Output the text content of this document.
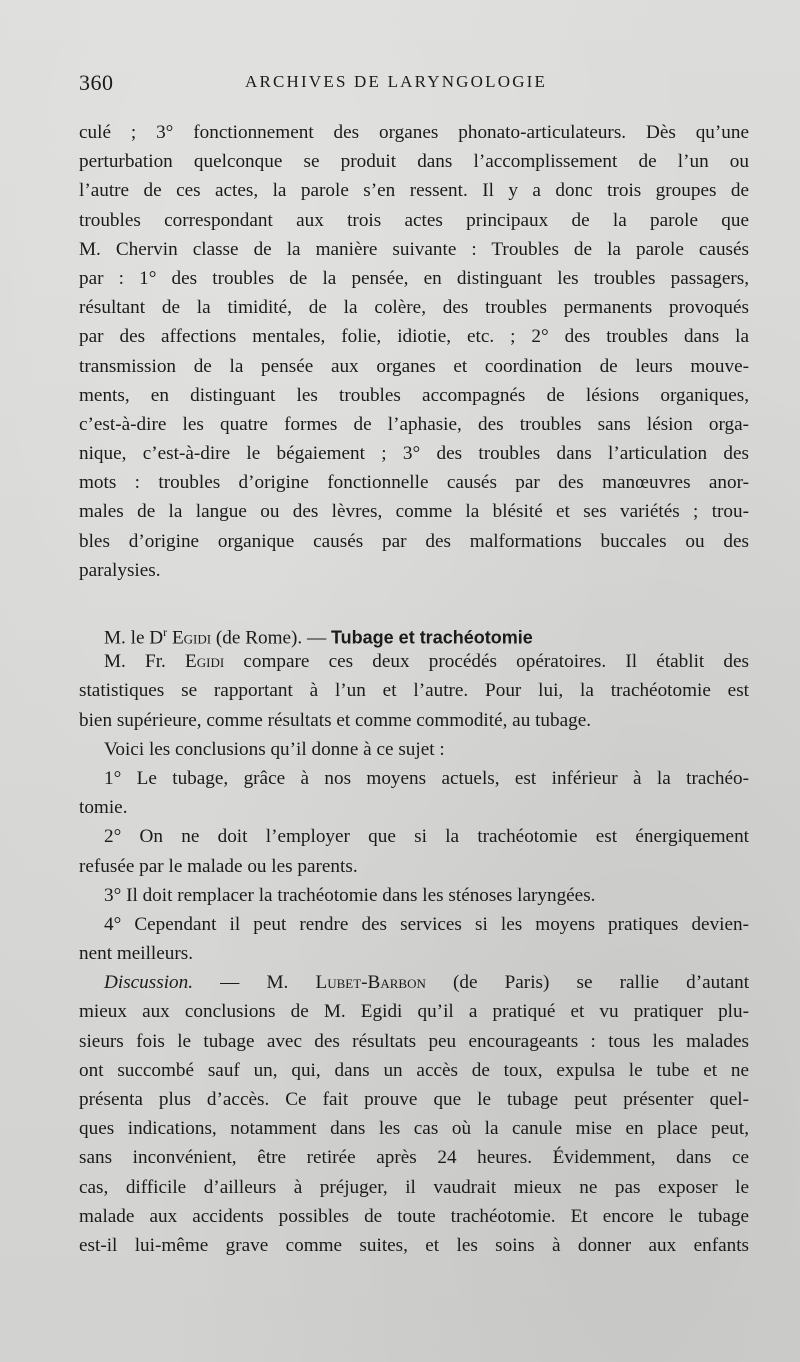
360	ARCHIVES DE LARYNGOLOGIE
culé ; 3° fonctionnement des organes phonato-articulateurs. Dès qu’une
perturbation quelconque se produit dans l’accomplissement de l’un ou
l’autre de ces actes, la parole s’en ressent. Il y a donc trois groupes de
troubles correspondant aux trois actes principaux de la parole que
M. Chervin classe de la manière suivante : Troubles de la parole causés
par : 1° des troubles de la pensée, en distinguant les troubles passagers,
résultant de la timidité, de la colère, des troubles permanents provoqués
par des affections mentales, folie, idiotie, etc. ; 2° des troubles dans la
transmission de la pensée aux organes et coordination de leurs mouve-
ments, en distinguant les troubles accompagnés de lésions organiques,
c’est-à-dire les quatre formes de l’aphasie, des troubles sans lésion orga-
nique, c’est-à-dire le bégaiement ; 3° des troubles dans l’articulation des
mots : troubles d’origine fonctionnelle causés par des manœuvres anor-
males de la langue ou des lèvres, comme la blésité et ses variétés ; trou-
bles d’origine organique causés par des malformations buccales ou des
paralysies.
M. le $D^r$ Egidi (de Rome). — Tubage et trachéotomie
M. Fr. Egidi compare ces deux procédés opératoires. Il établit des
statistiques se rapportant à l’un et l’autre. Pour lui, la trachéotomie est
bien supérieure, comme résultats et comme commodité, au tubage.
Voici les conclusions qu’il donne à ce sujet :
1° Le tubage, grâce à nos moyens actuels, est inférieur à la trachéo-
tomie.
2° On ne doit l’employer que si la trachéotomie est énergiquement
refusée par le malade ou les parents.
3° Il doit remplacer la trachéotomie dans les sténoses laryngées.
4° Cependant il peut rendre des services si les moyens pratiques devien-
nent meilleurs.
Discussion. — M. Lubet-Barbon (de Paris) se rallie d’autant
mieux aux conclusions de M. Egidi qu’il a pratiqué et vu pratiquer plu-
sieurs fois le tubage avec des résultats peu encourageants : tous les malades
ont succombé sauf un, qui, dans un accès de toux, expulsa le tube et ne
présenta plus d’accès. Ce fait prouve que le tubage peut présenter quel-
ques indications, notamment dans les cas où la canule mise en place peut,
sans inconvénient, être retirée après 24 heures. Évidemment, dans ce
cas, difficile d’ailleurs à préjuger, il vaudrait mieux ne pas exposer le
malade aux accidents possibles de toute trachéotomie. Et encore le tubage
est-il lui-même grave comme suites, et les soins à donner aux enfants
